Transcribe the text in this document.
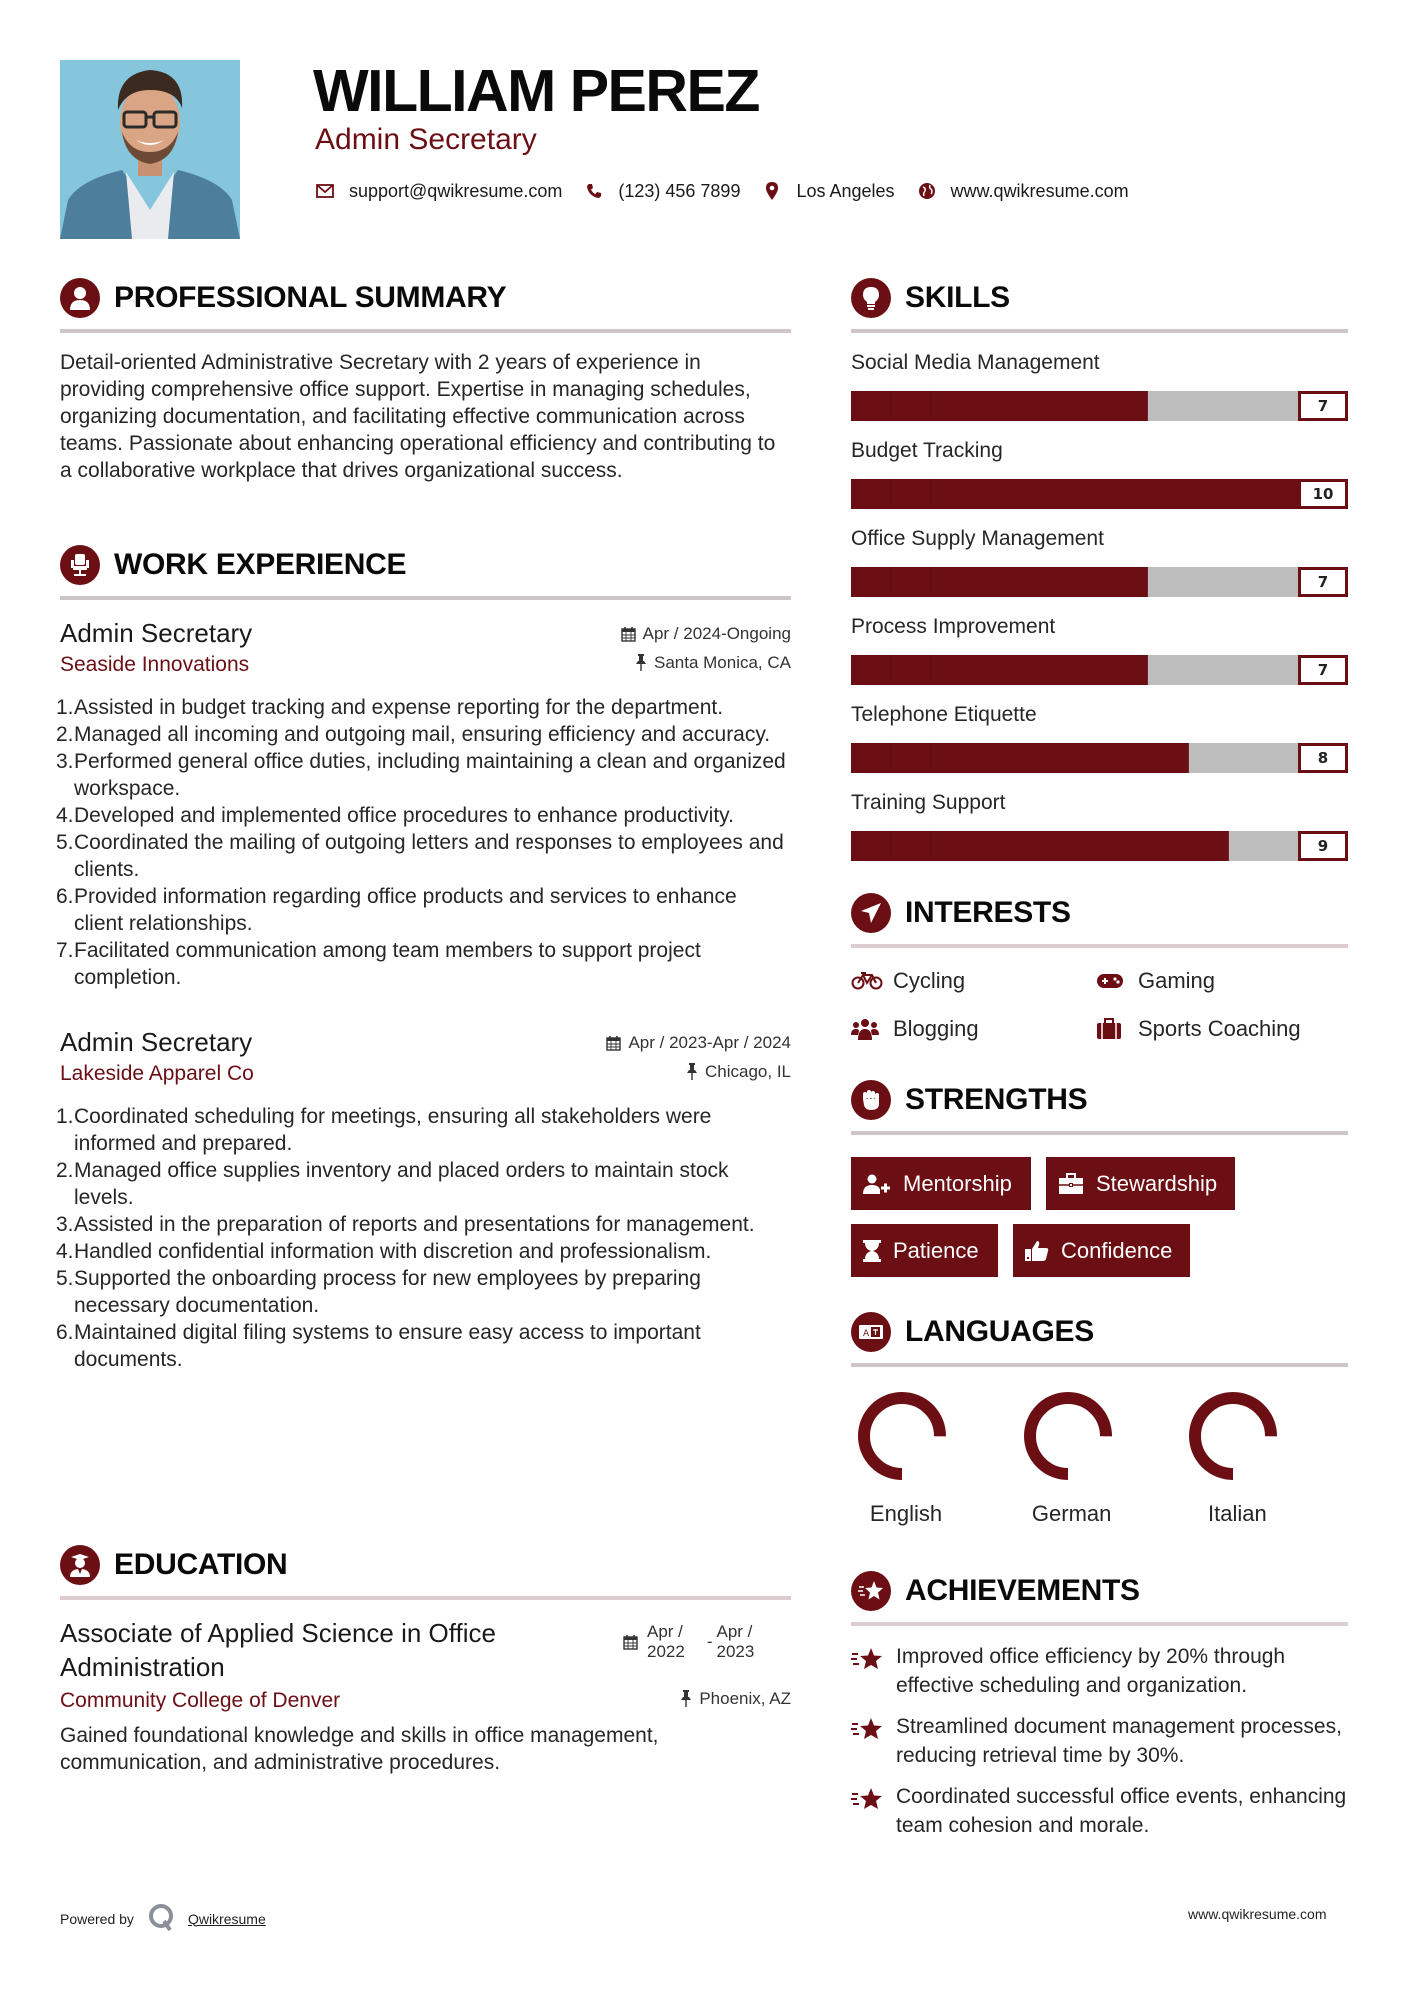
WILLIAM PEREZ
Admin Secretary
support@qwikresume.com	(123) 456 7899	Los Angeles	www.qwikresume.com
PROFESSIONAL SUMMARY

Detail-oriented Administrative Secretary with 2 years of experience in providing comprehensive office support. Expertise in managing schedules, organizing documentation, and facilitating effective communication across teams. Passionate about enhancing operational efficiency and contributing to a collaborative workplace that drives organizational success.

WORK EXPERIENCE
Admin Secretary	Apr / 2024-Ongoing
Seaside Innovations	Santa Monica, CA
1. Assisted in budget tracking and expense reporting for the department.
2. Managed all incoming and outgoing mail, ensuring efficiency and accuracy.
3. Performed general office duties, including maintaining a clean and organized workspace.
4. Developed and implemented office procedures to enhance productivity.
5. Coordinated the mailing of outgoing letters and responses to employees and clients.
6. Provided information regarding office products and services to enhance client relationships.
7. Facilitated communication among team members to support project completion.
Admin Secretary	Apr / 2023-Apr / 2024
Lakeside Apparel Co	Chicago, IL
1. Coordinated scheduling for meetings, ensuring all stakeholders were informed and prepared.
2. Managed office supplies inventory and placed orders to maintain stock levels.
3. Assisted in the preparation of reports and presentations for management.
4. Handled confidential information with discretion and professionalism.
5. Supported the onboarding process for new employees by preparing necessary documentation.
6. Maintained digital filing systems to ensure easy access to important documents.
EDUCATION
Associate of Applied Science in Office Administration
Apr /
2022
-
Apr /
2023
Community College of Denver	Phoenix, AZ

Gained foundational knowledge and skills in office management, communication, and administrative procedures.

SKILLS
Social Media Management
7
Budget Tracking
10
Office Supply Management
7
Process Improvement
7
Telephone Etiquette
8
Training Support
9
INTERESTS
Cycling	Gaming
Blogging	Sports Coaching
STRENGTHS
Mentorship	Stewardship
Patience	Confidence
A LANGUAGES
English	German	Italian
ACHIEVEMENTS
Improved office efficiency by 20% through effective scheduling and organization.
Streamlined document management processes, reducing retrieval time by 30%.
Coordinated successful office events, enhancing team cohesion and morale.
Powered by	Qwikresume	www.qwikresume.com
